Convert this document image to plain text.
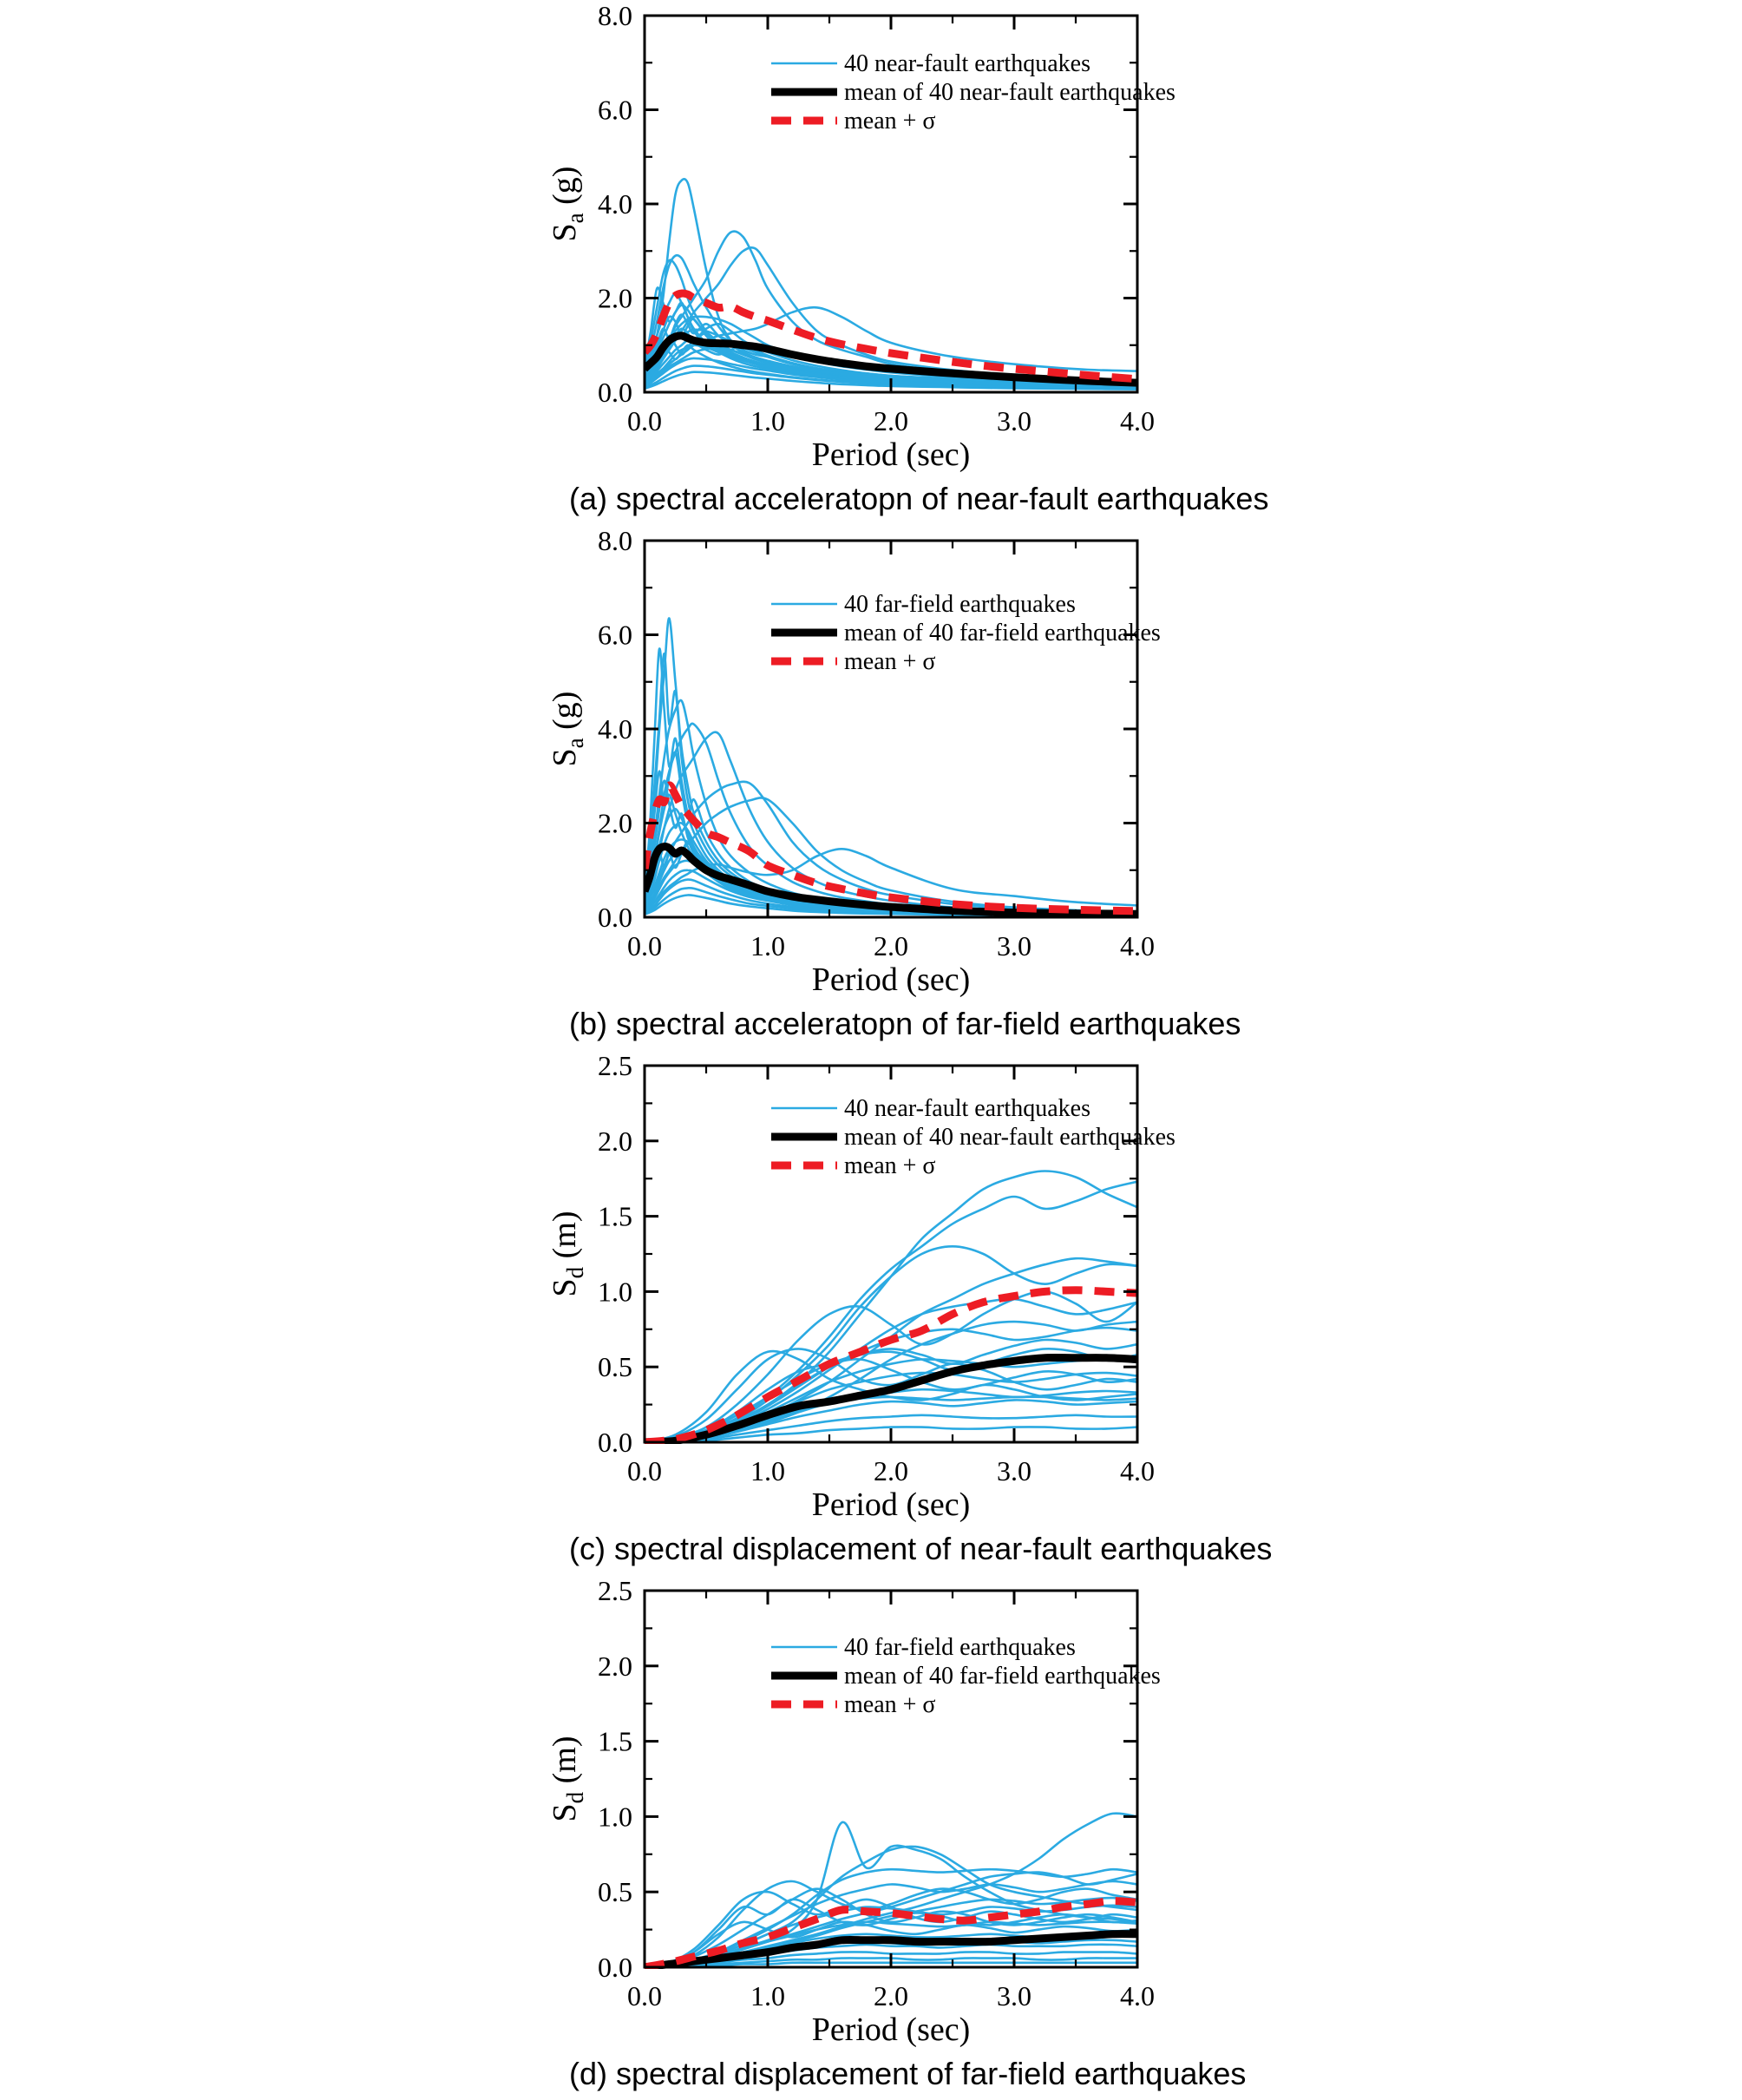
0.0	1.0	2.0	3.0	4.0
0.0
2.0
4.0
6.0
8.0
Period (sec)
$S_a$ (g)
40 near-fault earthquakes
mean of 40 near-fault earthquakes
mean + σ
(a) spectral acceleratopn of near-fault earthquakes
0.0	1.0	2.0	3.0	4.0
0.0
2.0
4.0
6.0
8.0
Period (sec)
$S_a$ (g)
40 far-field earthquakes
mean of 40 far-field earthquakes
mean + σ
(b) spectral acceleratopn of far-field earthquakes
0.0	1.0	2.0	3.0	4.0
0.0
0.5
1.0
1.5
2.0
2.5
Period (sec)
$S_d$ (m)
40 near-fault earthquakes
mean of 40 near-fault earthquakes
mean + σ
(c) spectral displacement of near-fault earthquakes
0.0	1.0	2.0	3.0	4.0
0.0
0.5
1.0
1.5
2.0
2.5
Period (sec)
$S_d$ (m)
40 far-field earthquakes
mean of 40 far-field earthquakes
mean + σ
(d) spectral displacement of far-field earthquakes
